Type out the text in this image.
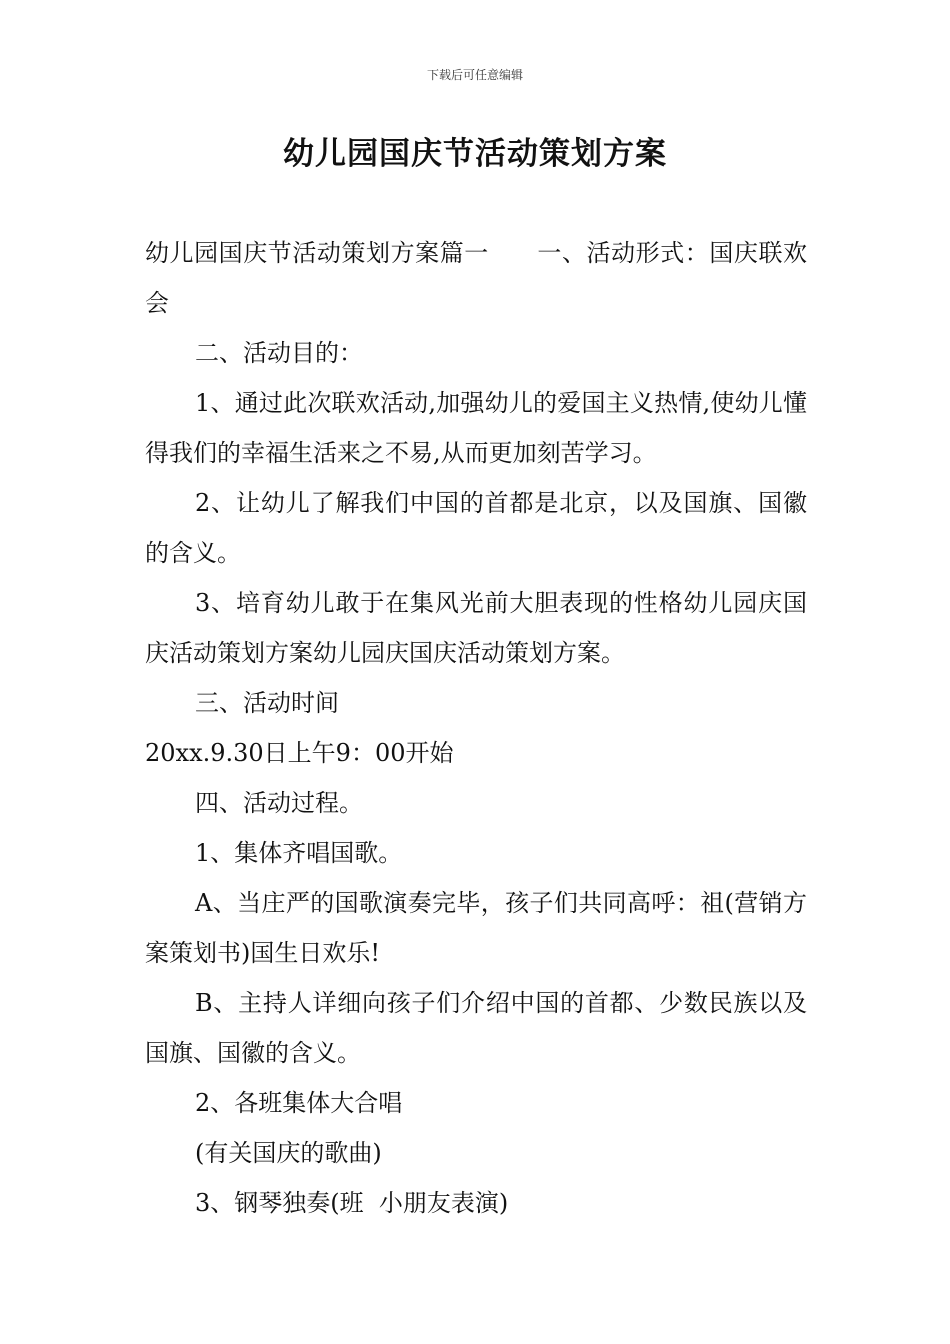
下载后可任意编辑
幼儿园国庆节活动策划方案

幼儿园国庆节活动策划方案篇一 一、活动形式：国庆联欢会

二、活动目的：

1、通过此次联欢活动,加强幼儿的爱国主义热情,使幼儿懂得我们的幸福生活来之不易,从而更加刻苦学习。

2、让幼儿了解我们中国的首都是北京，以及国旗、国徽的含义。

3、培育幼儿敢于在集风光前大胆表现的性格幼儿园庆国庆活动策划方案幼儿园庆国庆活动策划方案。

三、活动时间

20xx.9.30日上午9：00开始

四、活动过程。

1、集体齐唱国歌。

A、当庄严的国歌演奏完毕，孩子们共同高呼：祖(营销方案策划书)国生日欢乐!

B、主持人详细向孩子们介绍中国的首都、少数民族以及国旗、国徽的含义。

2、各班集体大合唱

(有关国庆的歌曲)

3、钢琴独奏(班  小朋友表演)
